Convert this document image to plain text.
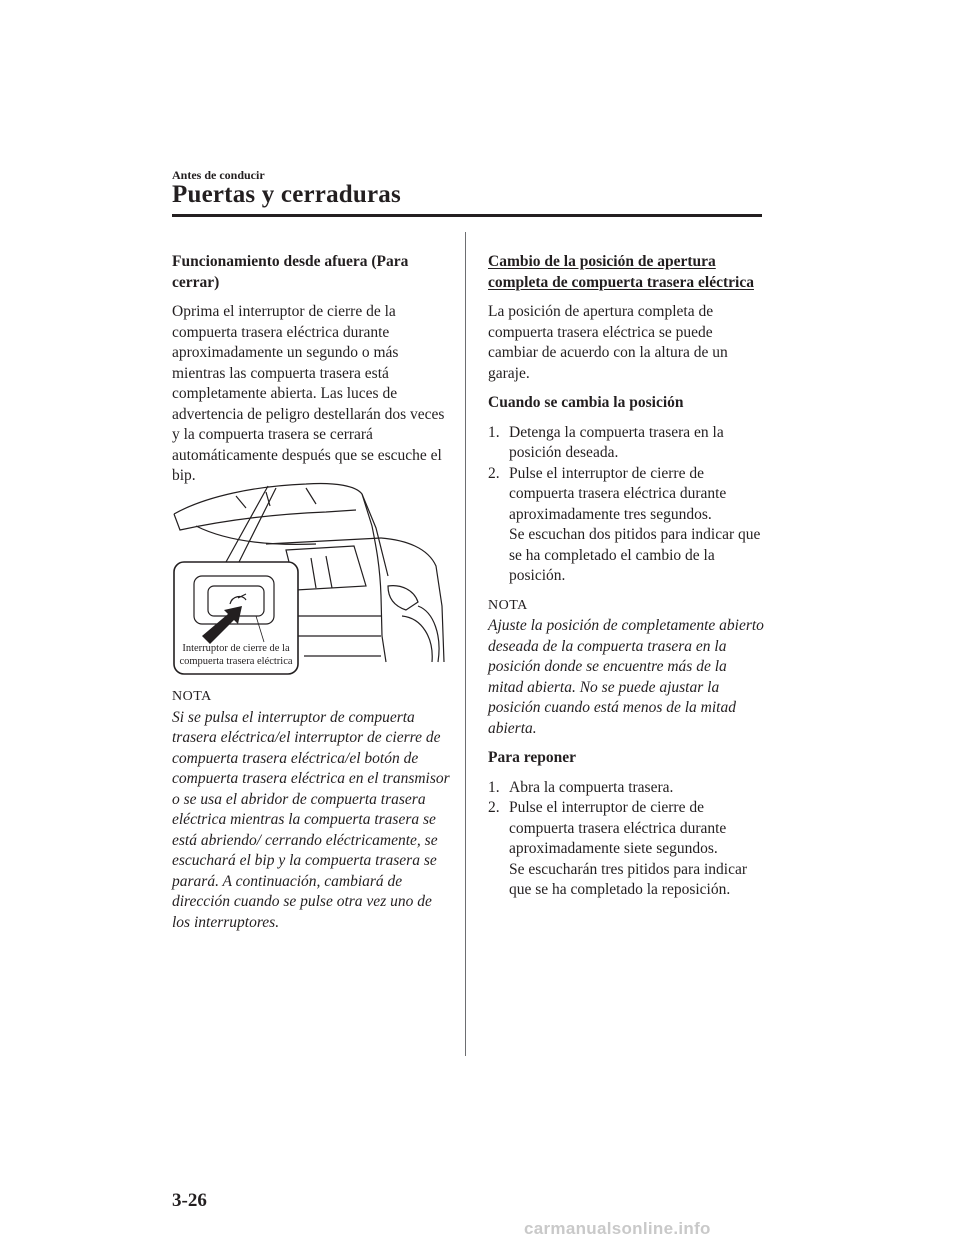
Antes de conducir
Puertas y cerraduras

Funcionamiento desde afuera (Para cerrar)

Oprima el interruptor de cierre de la compuerta trasera eléctrica durante aproximadamente un segundo o más mientras las compuerta trasera está completamente abierta. Las luces de advertencia de peligro destellarán dos veces y la compuerta trasera se cerrará automáticamente después que se escuche el bip.

Interruptor de cierre de la
compuerta trasera eléctrica

NOTA

Si se pulsa el interruptor de compuerta trasera eléctrica/el interruptor de cierre de compuerta trasera eléctrica/el botón de compuerta trasera eléctrica en el transmisor o se usa el abridor de compuerta trasera eléctrica mientras la compuerta trasera se está abriendo/ cerrando eléctricamente, se escuchará el bip y la compuerta trasera se parará. A continuación, cambiará de dirección cuando se pulse otra vez uno de los interruptores.

Cambio de la posición de apertura completa de compuerta trasera eléctrica

La posición de apertura completa de compuerta trasera eléctrica se puede cambiar de acuerdo con la altura de un garaje.

Cuando se cambia la posición

1. Detenga la compuerta trasera en la posición deseada.
2. Pulse el interruptor de cierre de compuerta trasera eléctrica durante aproximadamente tres segundos.
Se escuchan dos pitidos para indicar que se ha completado el cambio de la posición.

NOTA

Ajuste la posición de completamente abierto deseada de la compuerta trasera en la posición donde se encuentre más de la mitad abierta. No se puede ajustar la posición cuando está menos de la mitad abierta.

Para reponer

1. Abra la compuerta trasera.
2. Pulse el interruptor de cierre de compuerta trasera eléctrica durante aproximadamente siete segundos.
Se escucharán tres pitidos para indicar que se ha completado la reposición.
3-26
carmanualsonline.info
